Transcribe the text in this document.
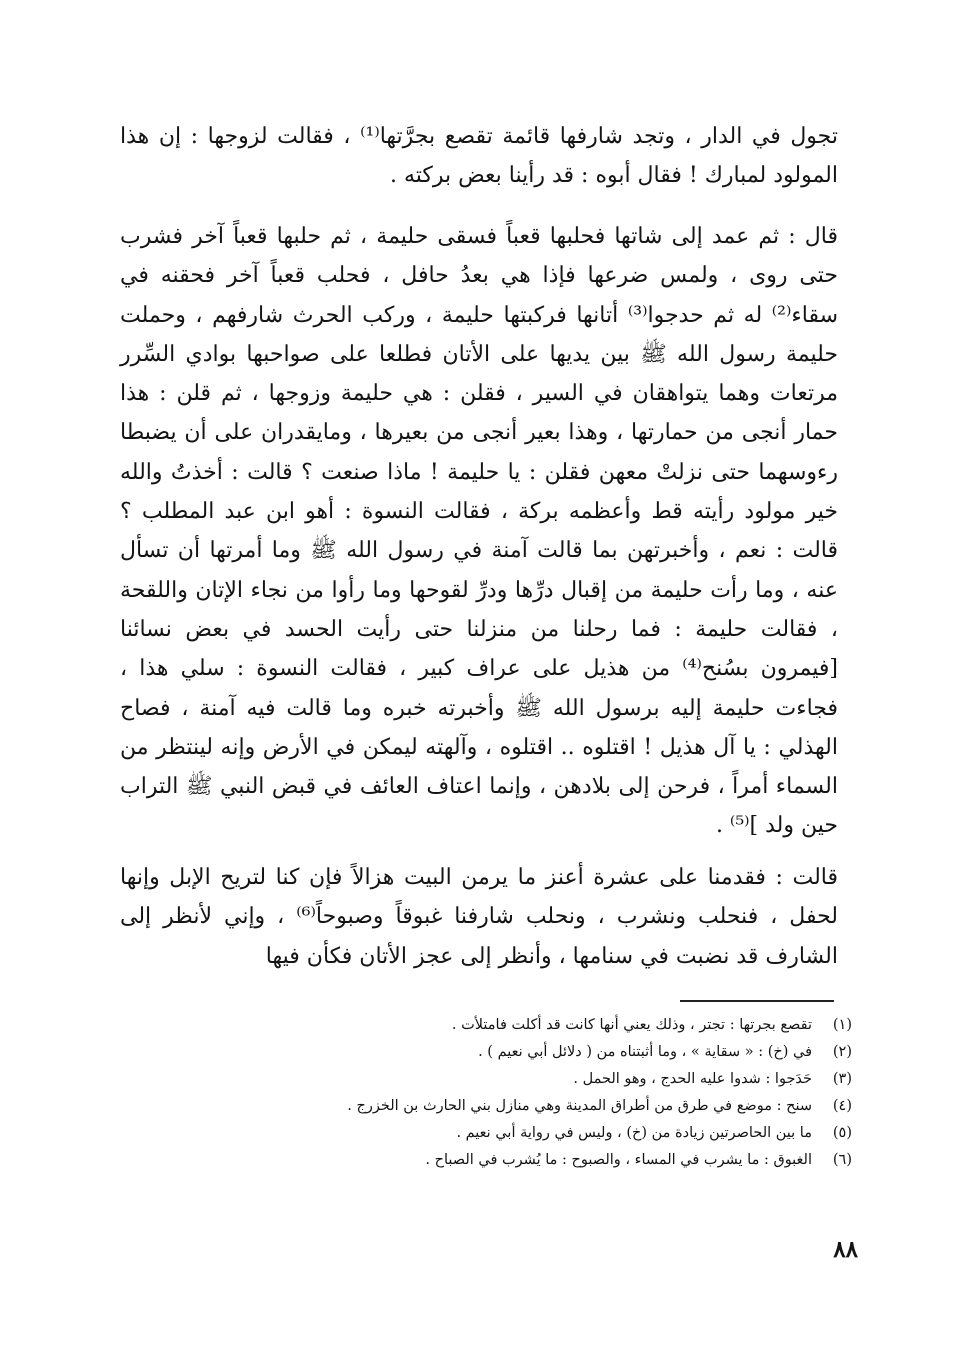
تجول في الدار ، وتجد شارفها قائمة تقصع بجرَّتها⁽¹⁾ ، فقالت لزوجها : إن هذا المولود لمبارك ! فقال أبوه : قد رأينا بعض بركته .

قال : ثم عمد إلى شاتها فحلبها قعباً فسقى حليمة ، ثم حلبها قعباً آخر فشرب حتى روى ، ولمس ضرعها فإذا هي بعدُ حافل ، فحلب قعباً آخر فحقنه في سقاء⁽²⁾ له ثم حدجوا⁽³⁾ أتانها فركبتها حليمة ، وركب الحرث شارفهم ، وحملت حليمة رسول الله ﷺ بين يديها على الأتان فطلعا على صواحبها بوادي السِّرر مرتعات وهما يتواهقان في السير ، فقلن : هي حليمة وزوجها ، ثم قلن : هذا حمار أنجى من حمارتها ، وهذا بعير أنجى من بعيرها ، ومايقدران على أن يضبطا رءوسهما حتى نزلتْ معهن فقلن : يا حليمة ! ماذا صنعت ؟ قالت : أخذتُ والله خير مولود رأيته قط وأعظمه بركة ، فقالت النسوة : أهو ابن عبد المطلب ؟ قالت : نعم ، وأخبرتهن بما قالت آمنة في رسول الله ﷺ وما أمرتها أن تسأل عنه ، وما رأت حليمة من إقبال درِّها ودرِّ لقوحها وما رأوا من نجاء الإتان واللقحة ، فقالت حليمة : فما رحلنا من منزلنا حتى رأيت الحسد في بعض نسائنا [فيمرون بسُنح⁽⁴⁾ من هذيل على عراف كبير ، فقالت النسوة : سلي هذا ، فجاءت حليمة إليه برسول الله ﷺ وأخبرته خبره وما قالت فيه آمنة ، فصاح الهذلي : يا آل هذيل ! اقتلوه .. اقتلوه ، وآلهته ليمكن في الأرض وإنه لينتظر من السماء أمراً ، فرحن إلى بلادهن ، وإنما اعتاف العائف في قبض النبي ﷺ التراب حين ولد ]⁽⁵⁾ .

قالت : فقدمنا على عشرة أعنز ما يرمن البيت هزالاً فإن كنا لتريح الإبل وإنها لحفل ، فنحلب ونشرب ، ونحلب شارفنا غبوقاً وصبوحاً⁽⁶⁾ ، وإني لأنظر إلى الشارف قد نضبت في سنامها ، وأنظر إلى عجز الأتان فكأن فيها

(١)
تقصع بجرتها : تجتر ، وذلك يعني أنها كانت قد أكلت فامتلأت .
(٢)
في (خ) : « سقاية » ، وما أثبتناه من ( دلائل أبي نعيم ) .
(٣)
حَدَجوا : شدوا عليه الحدج ، وهو الحمل .
(٤)
سنح : موضع في طرق من أطراق المدينة وهي منازل بني الحارث بن الخزرج .
(٥)
ما بين الحاصرتين زيادة من (خ) ، وليس في رواية أبي نعيم .
(٦)
الغبوق : ما يشرب في المساء ، والصبوح : ما يُشرب في الصباح .
٨٨
